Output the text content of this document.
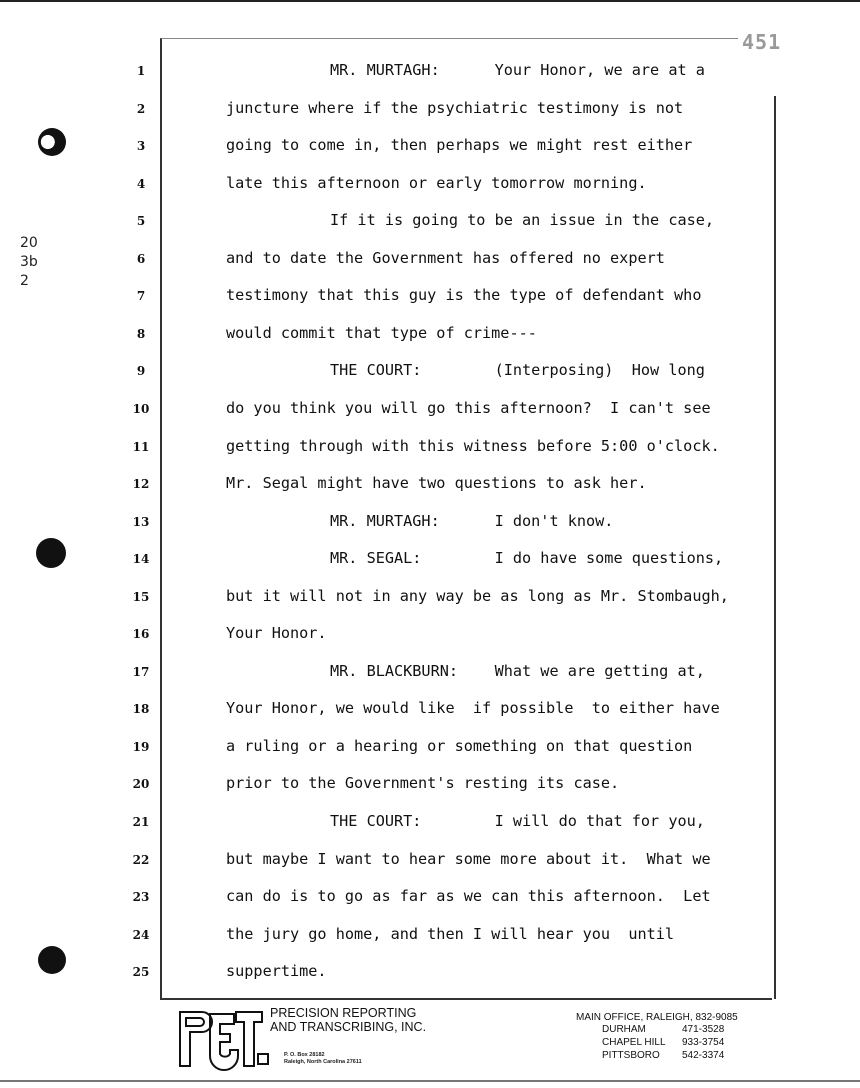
451
20
3b
2
1	MR. MURTAGH:      Your Honor, we are at a
2	juncture where if the psychiatric testimony is not
3	going to come in, then perhaps we might rest either
4	late this afternoon or early tomorrow morning.
5	If it is going to be an issue in the case,
6	and to date the Government has offered no expert
7	testimony that this guy is the type of defendant who
8	would commit that type of crime---
9	THE COURT:        (Interposing)  How long
10	do you think you will go this afternoon?  I can't see
11	getting through with this witness before 5:00 o'clock.
12	Mr. Segal might have two questions to ask her.
13	MR. MURTAGH:      I don't know.
14	MR. SEGAL:        I do have some questions,
15	but it will not in any way be as long as Mr. Stombaugh,
16	Your Honor.
17	MR. BLACKBURN:    What we are getting at,
18	Your Honor, we would like  if possible  to either have
19	a ruling or a hearing or something on that question
20	prior to the Government's resting its case.
21	THE COURT:        I will do that for you,
22	but maybe I want to hear some more about it.  What we
23	can do is to go as far as we can this afternoon.  Let
24	the jury go home, and then I will hear you  until
25	suppertime.
PRECISION REPORTING
AND TRANSCRIBING, INC.
P. O. Box 28182
Raleigh, North Carolina 27611
MAIN OFFICE, RALEIGH, 832-9085
DURHAM	471-3528
CHAPEL HILL 933-3754
PITTSBORO 542-3374
